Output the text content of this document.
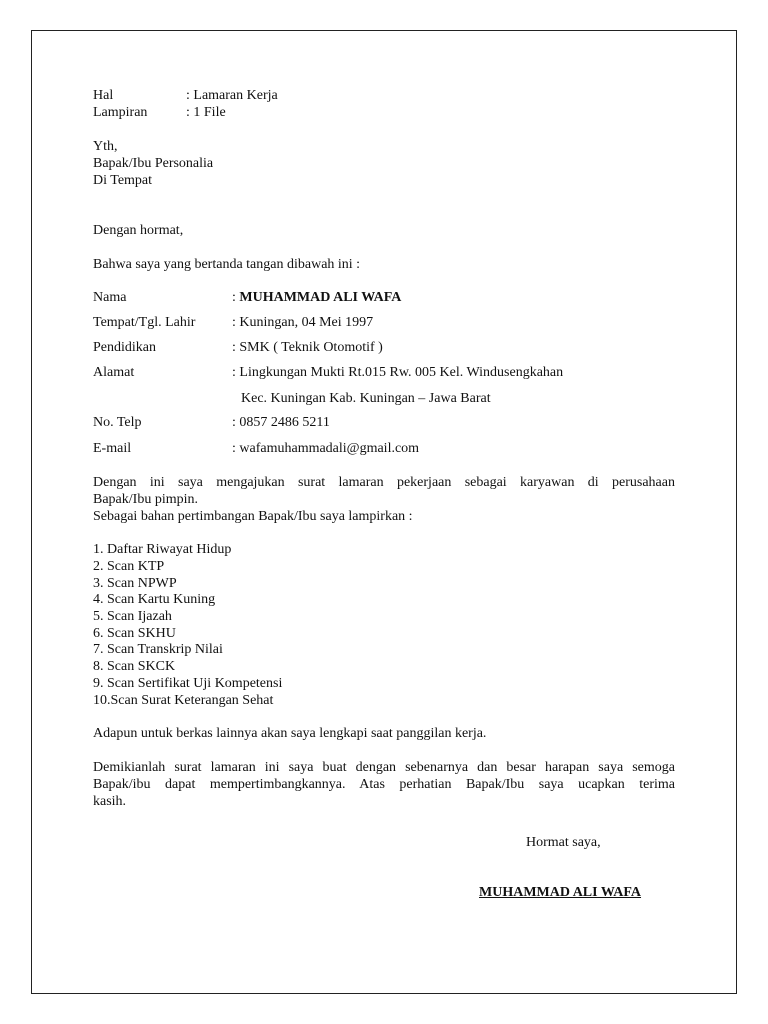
Hal	: Lamaran Kerja
Lampiran	: 1 File
Yth,
Bapak/Ibu Personalia
Di Tempat
Dengan hormat,
Bahwa saya yang bertanda tangan dibawah ini :
Nama	: MUHAMMAD ALI WAFA
Tempat/Tgl. Lahir	: Kuningan, 04 Mei 1997
Pendidikan	: SMK ( Teknik Otomotif )
Alamat	: Lingkungan Mukti Rt.015 Rw. 005 Kel. Windusengkahan
Kec. Kuningan Kab. Kuningan – Jawa Barat
No. Telp	: 0857 2486 5211
E-mail	: wafamuhammadali@gmail.com
Dengan ini saya mengajukan surat lamaran pekerjaan sebagai karyawan di perusahaan
Bapak/Ibu pimpin.
Sebagai bahan pertimbangan Bapak/Ibu saya lampirkan :
1. Daftar Riwayat Hidup
2. Scan KTP
3. Scan NPWP
4. Scan Kartu Kuning
5. Scan Ijazah
6. Scan SKHU
7. Scan Transkrip Nilai
8. Scan SKCK
9. Scan Sertifikat Uji Kompetensi
10.Scan Surat Keterangan Sehat
Adapun untuk berkas lainnya akan saya lengkapi saat panggilan kerja.
Demikianlah surat lamaran ini saya buat dengan sebenarnya dan besar harapan saya semoga
Bapak/ibu dapat mempertimbangkannya. Atas perhatian Bapak/Ibu saya ucapkan terima
kasih.
Hormat saya,
MUHAMMAD ALI WAFA
